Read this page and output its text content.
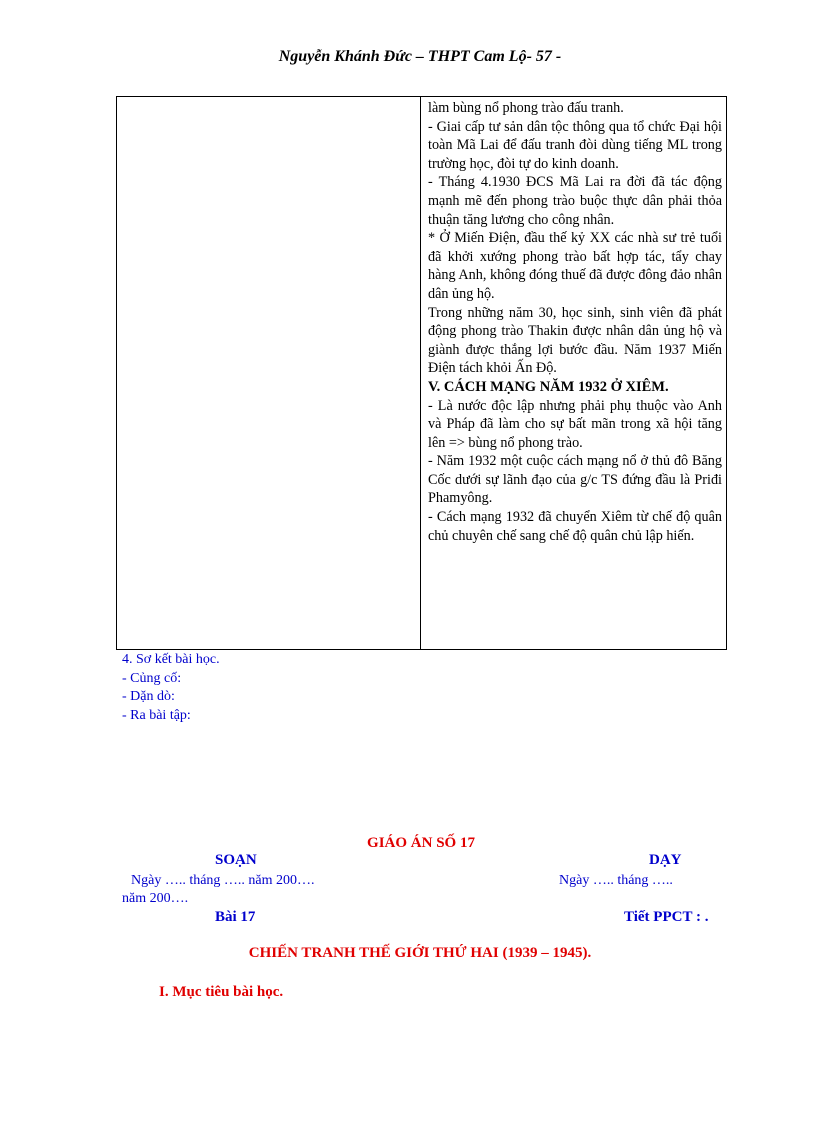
Nguyễn Khánh Đức – THPT Cam Lộ- 57 -

làm bùng nổ phong trào đấu tranh.

- Giai cấp tư sản dân tộc thông qua tổ chức Đại hội toàn Mã Lai để đấu tranh đòi dùng tiếng ML trong trường học, đòi tự do kinh doanh.

- Tháng 4.1930 ĐCS Mã Lai ra đời đã tác động mạnh mẽ đến phong trào buộc thực dân phải thỏa thuận tăng lương cho công nhân.

* Ở Miến Điện, đầu thế kỷ XX các nhà sư trẻ tuổi đã khởi xướng phong trào bất hợp tác, tẩy chay hàng Anh, không đóng thuế đã được đông đảo nhân dân ủng hộ.

Trong những năm 30, học sinh, sinh viên đã phát động phong trào Thakin được nhân dân ủng hộ và giành được thắng lợi bước đầu. Năm 1937 Miến Điện tách khỏi Ấn Độ.

V. CÁCH MẠNG NĂM 1932 Ở XIÊM.

- Là nước độc lập nhưng phải phụ thuộc vào Anh và Pháp đã làm cho sự bất mãn trong xã hội tăng lên => bùng nổ phong trào.

- Năm 1932 một cuộc cách mạng nổ ở thủ đô Băng Cốc dưới sự lãnh đạo của g/c TS đứng đầu là Priđi Phamyông.

- Cách mạng 1932 đã chuyển Xiêm từ chế độ quân chủ chuyên chế sang chế độ quân chủ lập hiến.

4. Sơ kết bài học.

- Củng cố:

- Dặn dò:

- Ra bài tập:

GIÁO ÁN SỐ 17
SOẠN	DẠY
Ngày ….. tháng ….. năm 200….	Ngày ….. tháng …..
năm 200….
Bài 17	Tiết PPCT : .
CHIẾN TRANH THẾ GIỚI THỨ HAI (1939 – 1945).
I. Mục tiêu bài học.
